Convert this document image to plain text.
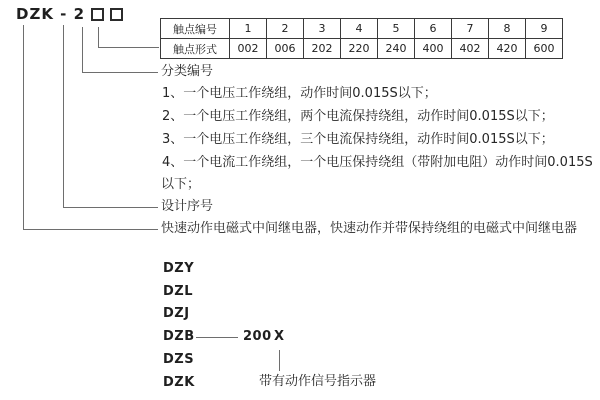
DZK - 2
触点编号	1	2	3	4	5	6	7	8	9
触点形式	002	006	202	220	240	400	402	420	600
分类编号
1、一个电压工作绕组，动作时间0.015S以下；
2、一个电压工作绕组，两个电流保持绕组，动作时间0.015S以下；
3、一个电压工作绕组，三个电流保持绕组，动作时间0.015S以下；
4、一个电流工作绕组，一个电压保持绕组（带附加电阻）动作时间0.015S
以下；
设计序号
快速动作电磁式中间继电器，快速动作并带保持绕组的电磁式中间继电器
DZY
DZL
DZJ
DZB
DZS
DZK
200 X
带有动作信号指示器
